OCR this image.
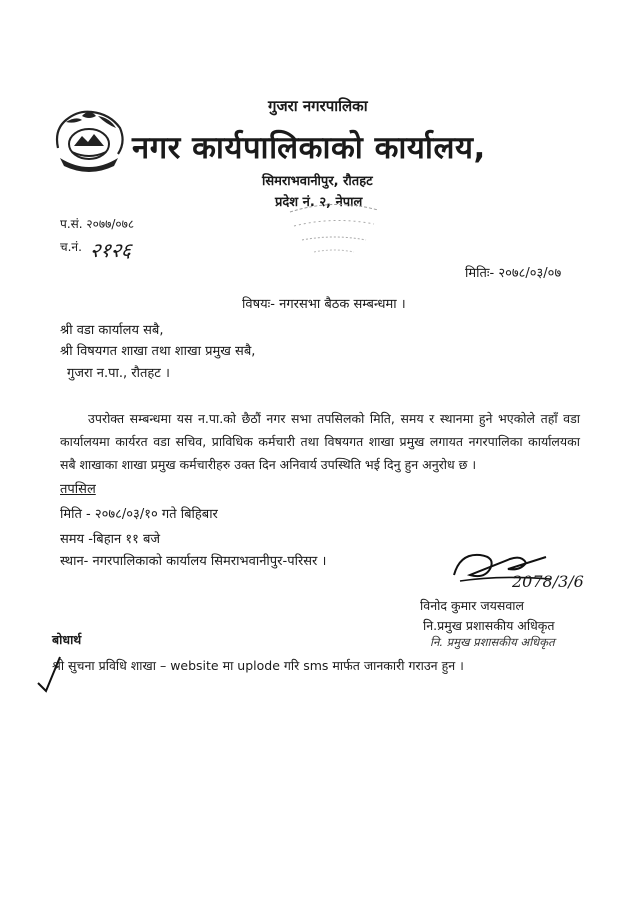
गुजरा नगरपालिका
नगर कार्यपालिकाको कार्यालय,
सिमराभवानीपुर, रौतहट
प्रदेश नं. २, नेपाल
प.सं. २०७७/०७८
च.नं. २१२६
मितिः- २०७८/०३/०७
विषयः- नगरसभा बैठक सम्बन्धमा ।
श्री वडा कार्यालय सबै,
श्री विषयगत शाखा तथा शाखा प्रमुख सबै,
गुजरा न.पा., रौतहट ।
उपरोक्त सम्बन्धमा यस न.पा.को छैठौं नगर सभा तपसिलको मिति, समय र स्थानमा हुने भएकोले तहाँ वडा कार्यालयमा कार्यरत वडा सचिव, प्राविधिक कर्मचारी तथा विषयगत शाखा प्रमुख लगायत नगरपालिका कार्यालयका सबै शाखाका शाखा प्रमुख कर्मचारीहरु उक्त दिन अनिवार्य उपस्थिति भई दिनु हुन अनुरोध छ ।
तपसिल
मिति - २०७८/०३/१० गते बिहिबार
समय -बिहान ११ बजे
स्थान- नगरपालिकाको कार्यालय सिमराभवानीपुर-परिसर ।
2078/3/6
विनोद कुमार जयसवाल
नि.प्रमुख प्रशासकीय अधिकृत
नि. प्रमुख प्रशासकीय अधिकृत
बोधार्थ
श्री सुचना प्रविधि शाखा – website मा uplode गरि sms मार्फत जानकारी गराउन हुन ।
